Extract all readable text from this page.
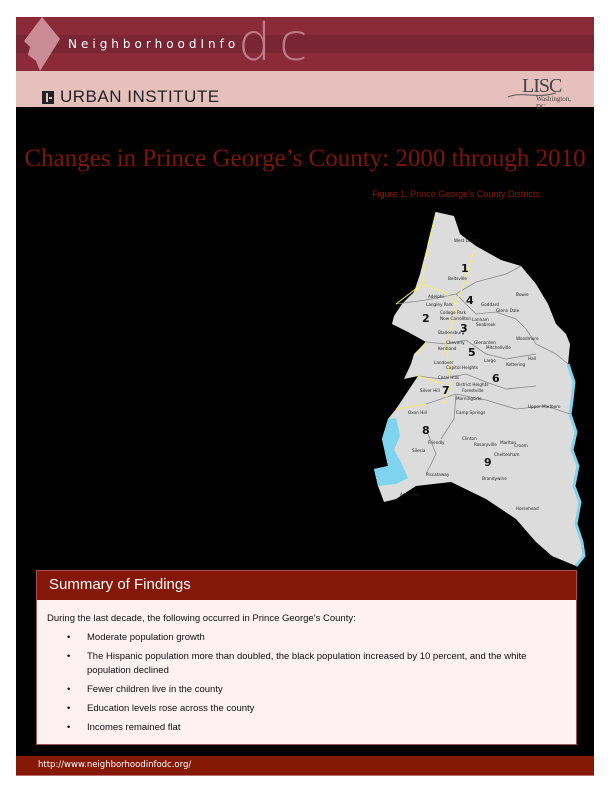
dc
NeighborhoodInfo
URBAN INSTITUTE	LISC
Washington, DC
Changes in Prince George’s County: 2000 through 2010
Figure 1. Prince George's County Districts
1
2
3
4
5
6
7
8
9
West Laurel
Beltsville
Bowie
Adelphi
Langley Park	Goddard
Glenn Dale
College Park
New Carrollton Lanham
Seabrook
Bladensburg
Cheverly Glenarden
Mitchellville
Woodmore
Kentland
Landover	Largo
Kettering
Hall
Capitol Heights
Coral Hills
District Heights
Forestville
Morningside
Silver Hill
Camp Springs
Oxon Hill
Upper Marlboro
Friendly
Clinton
Rosaryville Marlton
Croom
Cheltenham
Silesia
Piscataway
Brandywine
Accokeek
Horsehead
Summary of Findings
During the last decade, the following occurred in Prince George’s County:
• Moderate population growth
• The Hispanic population more than doubled, the black population increased by 10 percent, and the white population declined
• Fewer children live in the county
• Education levels rose across the county
• Incomes remained flat
http://www.neighborhoodinfodc.org/
